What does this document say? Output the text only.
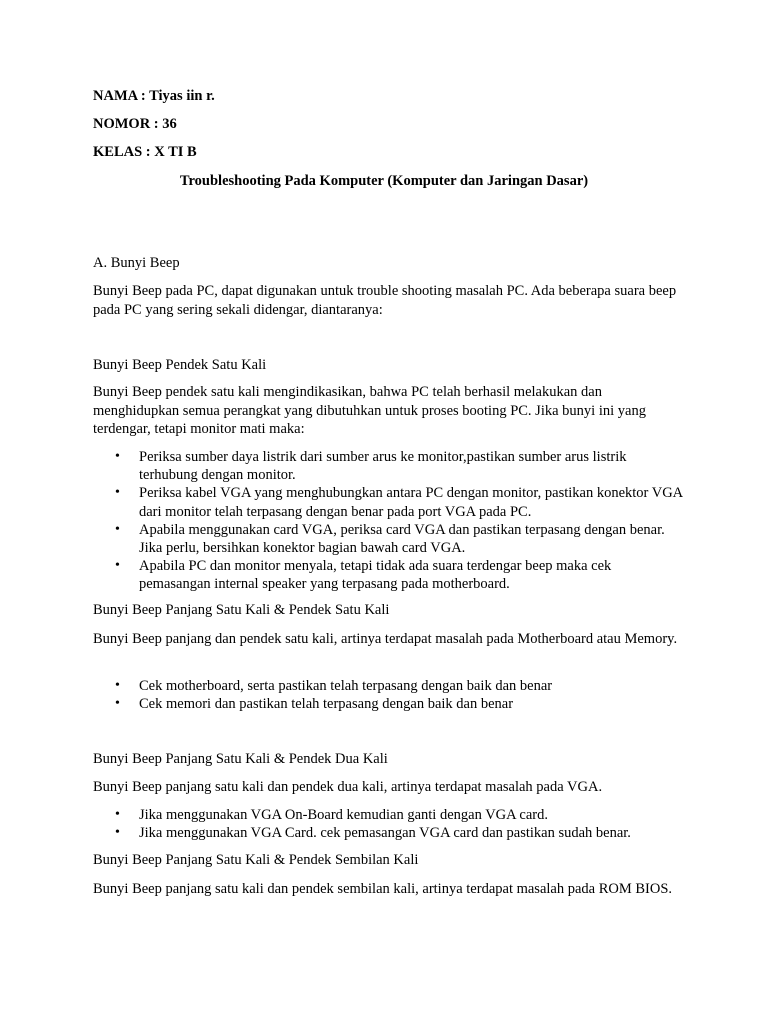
NAMA : Tiyas iin r.
NOMOR : 36
KELAS : X TI B
Troubleshooting Pada Komputer (Komputer dan Jaringan Dasar)
A. Bunyi Beep
Bunyi Beep pada PC, dapat digunakan untuk trouble shooting masalah PC. Ada beberapa suara beep pada PC yang sering sekali didengar, diantaranya:
Bunyi Beep Pendek Satu Kali
Bunyi Beep pendek satu kali mengindikasikan, bahwa PC telah berhasil melakukan dan menghidupkan semua perangkat yang dibutuhkan untuk proses booting PC. Jika bunyi ini yang terdengar, tetapi monitor mati maka:
• Periksa sumber daya listrik dari sumber arus ke monitor,pastikan sumber arus listrik terhubung dengan monitor.
• Periksa kabel VGA yang menghubungkan antara PC dengan monitor, pastikan konektor VGA dari monitor telah terpasang dengan benar pada port VGA pada PC.
• Apabila menggunakan card VGA, periksa card VGA dan pastikan terpasang dengan benar. Jika perlu, bersihkan konektor bagian bawah card VGA.
• Apabila PC dan monitor menyala, tetapi tidak ada suara terdengar beep maka cek pemasangan internal speaker yang terpasang pada motherboard.
Bunyi Beep Panjang Satu Kali & Pendek Satu Kali
Bunyi Beep panjang dan pendek satu kali, artinya terdapat masalah pada Motherboard atau Memory.
• Cek motherboard, serta pastikan telah terpasang dengan baik dan benar
• Cek memori dan pastikan telah terpasang dengan baik dan benar
Bunyi Beep Panjang Satu Kali & Pendek Dua Kali
Bunyi Beep panjang satu kali dan pendek dua kali, artinya terdapat masalah pada VGA.
• Jika menggunakan VGA On-Board kemudian ganti dengan VGA card.
• Jika menggunakan VGA Card. cek pemasangan VGA card dan pastikan sudah benar.
Bunyi Beep Panjang Satu Kali & Pendek Sembilan Kali
Bunyi Beep panjang satu kali dan pendek sembilan kali, artinya terdapat masalah pada ROM BIOS.
